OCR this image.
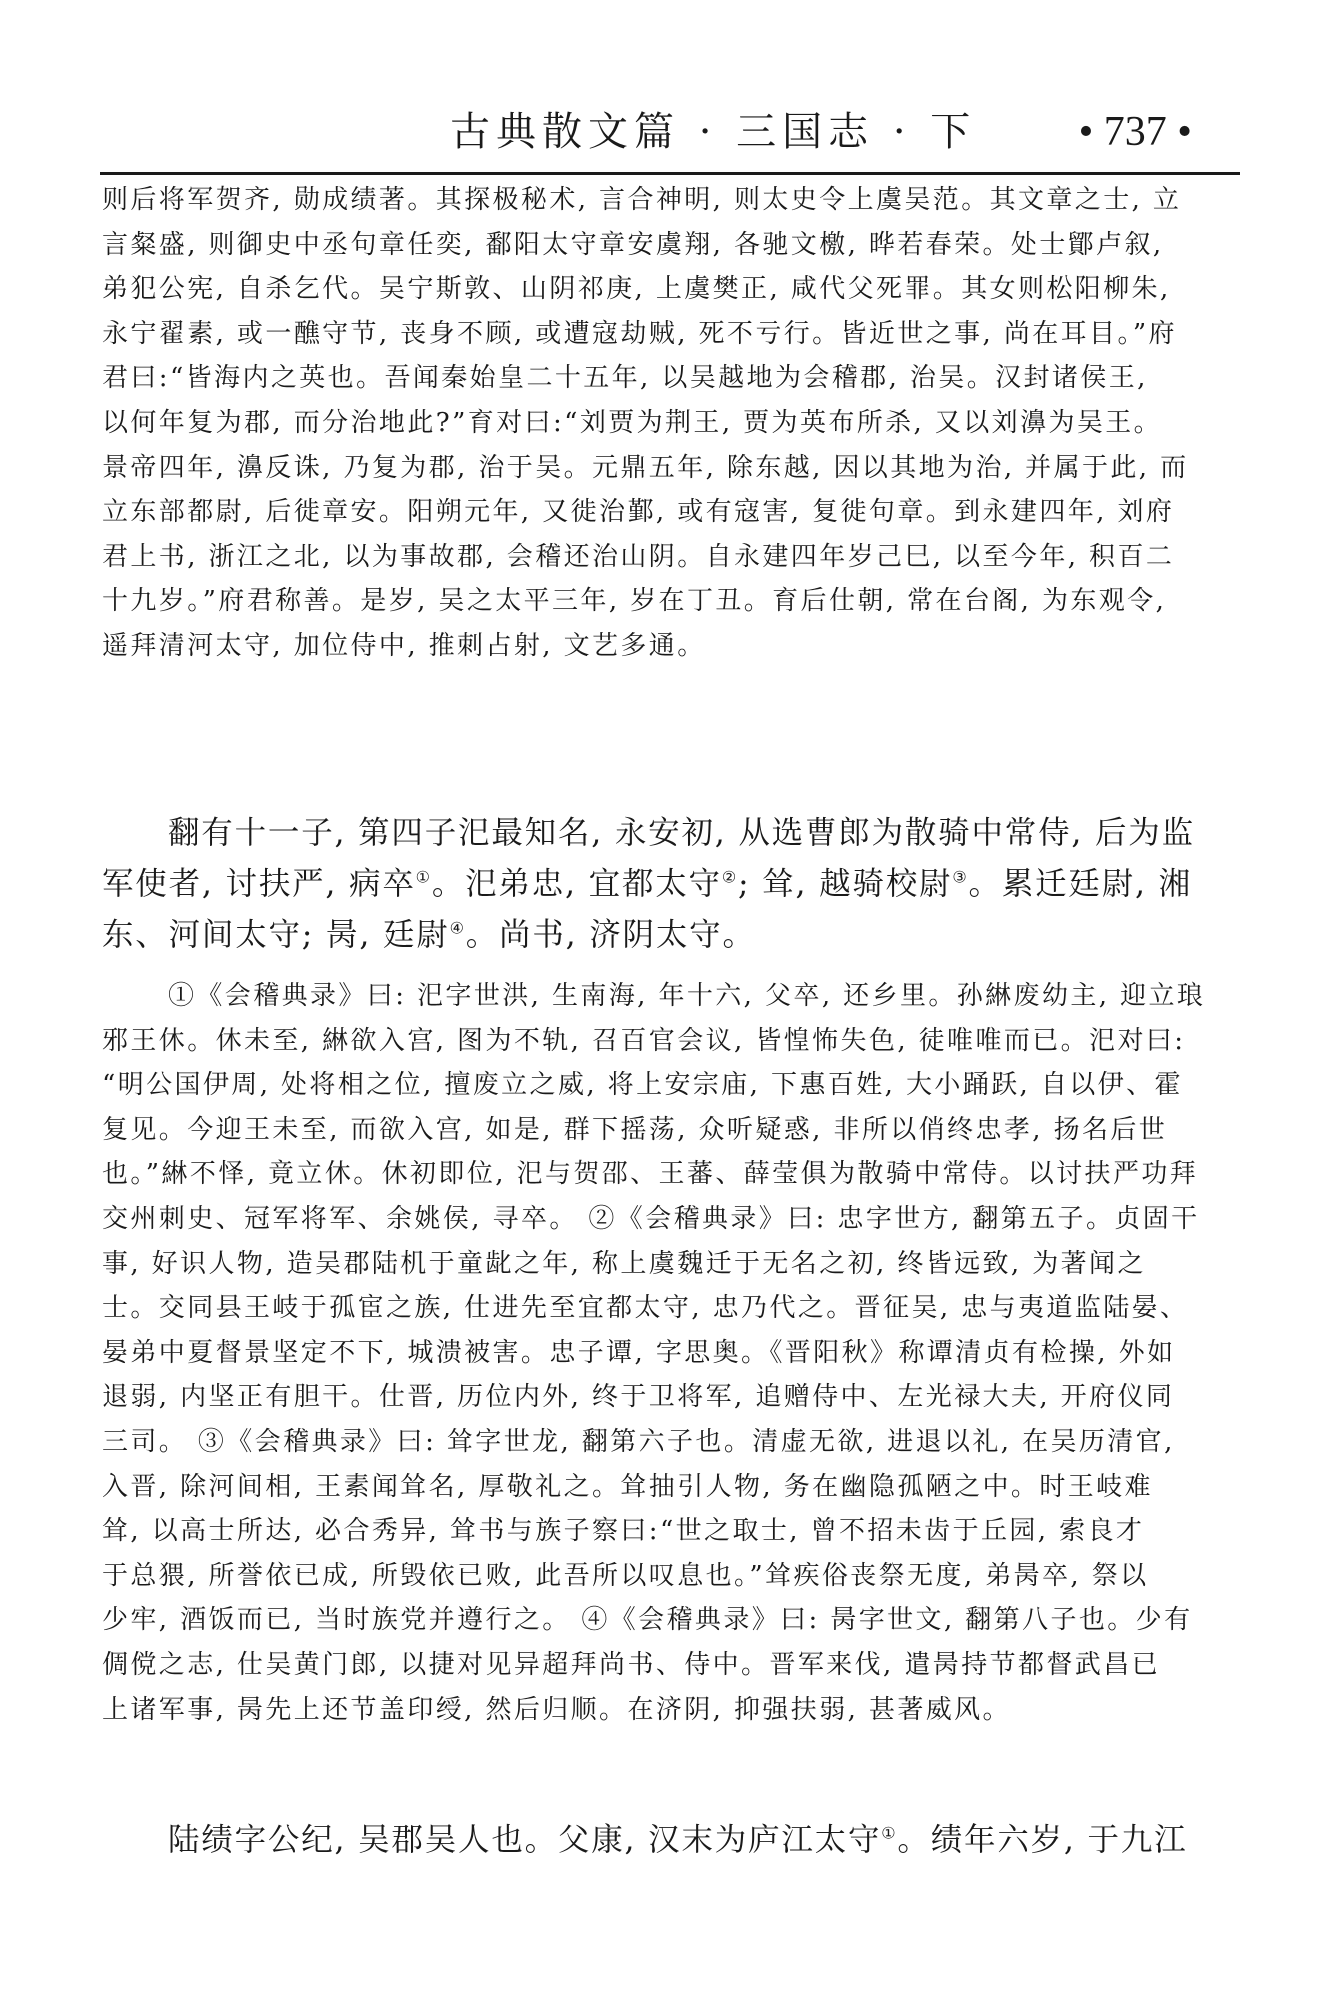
古典散文篇 · 三国志 · 下 • 737 •
则后将军贺齐, 勋成绩著。其探极秘术, 言合神明, 则太史令上虞吴范。其文章之士, 立
言粲盛, 则御史中丞句章任奕, 鄱阳太守章安虞翔, 各驰文檄, 晔若春荣。处士鄮卢叙,
弟犯公宪, 自杀乞代。吴宁斯敦、山阴祁庚, 上虞樊正, 咸代父死罪。其女则松阳柳朱,
永宁翟素, 或一醮守节, 丧身不顾, 或遭寇劫贼, 死不亏行。皆近世之事, 尚在耳目。”府
君曰:“皆海内之英也。吾闻秦始皇二十五年, 以吴越地为会稽郡, 治吴。汉封诸侯王,
以何年复为郡, 而分治地此?”育对曰:“刘贾为荆王, 贾为英布所杀, 又以刘濞为吴王。
景帝四年, 濞反诛, 乃复为郡, 治于吴。元鼎五年, 除东越, 因以其地为治, 并属于此, 而
立东部都尉, 后徙章安。阳朔元年, 又徙治鄞, 或有寇害, 复徙句章。到永建四年, 刘府
君上书, 浙江之北, 以为事故郡, 会稽还治山阴。自永建四年岁己巳, 以至今年, 积百二
十九岁。”府君称善。是岁, 吴之太平三年, 岁在丁丑。育后仕朝, 常在台阁, 为东观令,
遥拜清河太守, 加位侍中, 推刺占射, 文艺多通。
翻有十一子, 第四子汜最知名, 永安初, 从选曹郎为散骑中常侍, 后为监
军使者, 讨扶严, 病卒①。汜弟忠, 宜都太守②; 耸, 越骑校尉③。累迁廷尉, 湘
东、河间太守; 昺, 廷尉④。尚书, 济阴太守。
①《会稽典录》曰: 汜字世洪, 生南海, 年十六, 父卒, 还乡里。孙綝废幼主, 迎立琅
邪王休。休未至, 綝欲入宫, 图为不轨, 召百官会议, 皆惶怖失色, 徒唯唯而已。汜对曰:
“明公国伊周, 处将相之位, 擅废立之威, 将上安宗庙, 下惠百姓, 大小踊跃, 自以伊、霍
复见。今迎王未至, 而欲入宫, 如是, 群下摇荡, 众听疑惑, 非所以俏终忠孝, 扬名后世
也。”綝不怿, 竟立休。休初即位, 汜与贺邵、王蕃、薛莹俱为散骑中常侍。以讨扶严功拜
交州刺史、冠军将军、余姚侯, 寻卒。 ②《会稽典录》曰: 忠字世方, 翻第五子。贞固干
事, 好识人物, 造吴郡陆机于童龀之年, 称上虞魏迁于无名之初, 终皆远致, 为著闻之
士。交同县王岐于孤宦之族, 仕进先至宜都太守, 忠乃代之。晋征吴, 忠与夷道监陆晏、
晏弟中夏督景坚定不下, 城溃被害。忠子谭, 字思奥。《晋阳秋》称谭清贞有检操, 外如
退弱, 内坚正有胆干。仕晋, 历位内外, 终于卫将军, 追赠侍中、左光禄大夫, 开府仪同
三司。 ③《会稽典录》曰: 耸字世龙, 翻第六子也。清虚无欲, 进退以礼, 在吴历清官,
入晋, 除河间相, 王素闻耸名, 厚敬礼之。耸抽引人物, 务在幽隐孤陋之中。时王岐难
耸, 以高士所达, 必合秀异, 耸书与族子察曰:“世之取士, 曾不招未齿于丘园, 索良才
于总猥, 所誉依已成, 所毁依已败, 此吾所以叹息也。”耸疾俗丧祭无度, 弟昺卒, 祭以
少牢, 酒饭而已, 当时族党并遵行之。 ④《会稽典录》曰: 昺字世文, 翻第八子也。少有
倜傥之志, 仕吴黄门郎, 以捷对见异超拜尚书、侍中。晋军来伐, 遣昺持节都督武昌已
上诸军事, 昺先上还节盖印绶, 然后归顺。在济阴, 抑强扶弱, 甚著威风。
陆绩字公纪, 吴郡吴人也。父康, 汉末为庐江太守①。绩年六岁, 于九江
